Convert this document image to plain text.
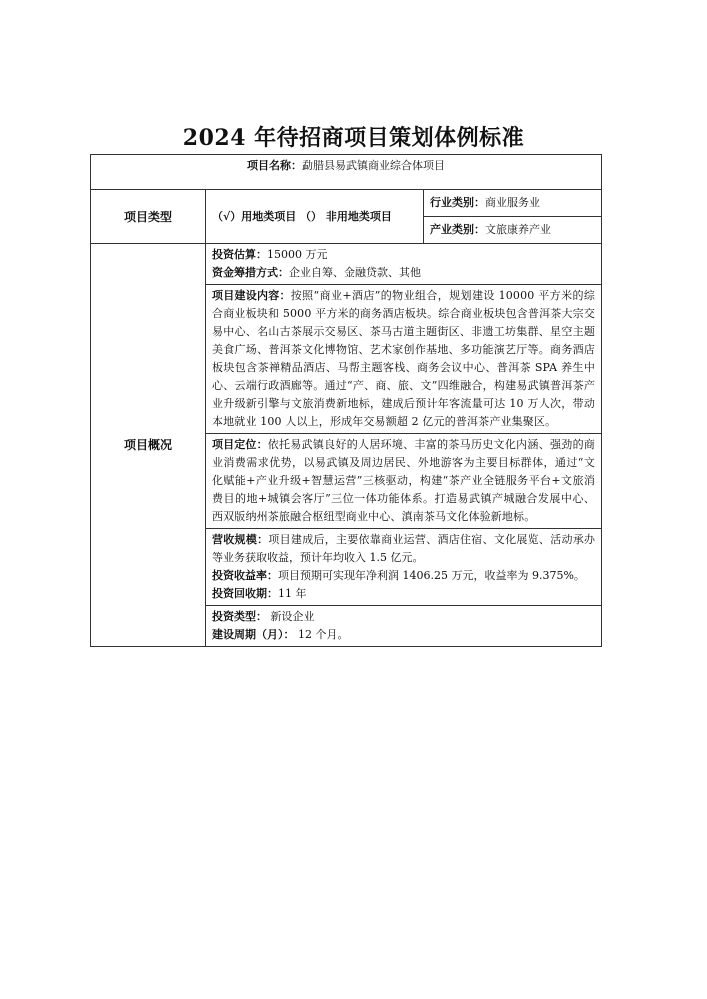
2024 年待招商项目策划体例标准
项目名称：勐腊县易武镇商业综合体项目		
项目类型	（√）用地类项目 （） 非用地类项目	行业类别：商业服务业
		产业类别：文旅康养产业
项目概况	投资估算：15000 万元
资金筹措方式：企业自筹、金融贷款、其他	

	项目建设内容：按照“商业+酒店”的物业组合，规划建设 10000 平方米的综合商业板块和 5000 平方米的商务酒店板块。综合商业板块包含普洱茶大宗交易中心、名山古茶展示交易区、茶马古道主题街区、非遗工坊集群、星空主题美食广场、普洱茶文化博物馆、艺术家创作基地、多功能演艺厅等。商务酒店板块包含茶禅精品酒店、马帮主题客栈、商务会议中心、普洱茶 SPA 养生中心、云端行政酒廊等。通过“产、商、旅、文”四维融合，构建易武镇普洱茶产业升级新引擎与文旅消费新地标，建成后预计年客流量可达 10 万人次，带动本地就业 100 人以上，形成年交易额超 2 亿元的普洱茶产业集聚区。	
	项目定位：依托易武镇良好的人居环境、丰富的茶马历史文化内涵、强劲的商业消费需求优势，以易武镇及周边居民、外地游客为主要目标群体，通过“文化赋能+产业升级+智慧运营”三核驱动，构建“茶产业全链服务平台+文旅消费目的地+城镇会客厅”三位一体功能体系。打造易武镇产城融合发展中心、西双版纳州茶旅融合枢纽型商业中心、滇南茶马文化体验新地标。	

	营收规模：项目建成后，主要依靠商业运营、酒店住宿、文化展览、活动承办等业务获取收益，预计年均收入 1.5 亿元。
投资收益率：项目预期可实现年净利润 1406.25 万元，收益率为 9.375%。
投资回收期：11 年	

	投资类型： 新设企业
建设周期（月）： 12 个月。	
